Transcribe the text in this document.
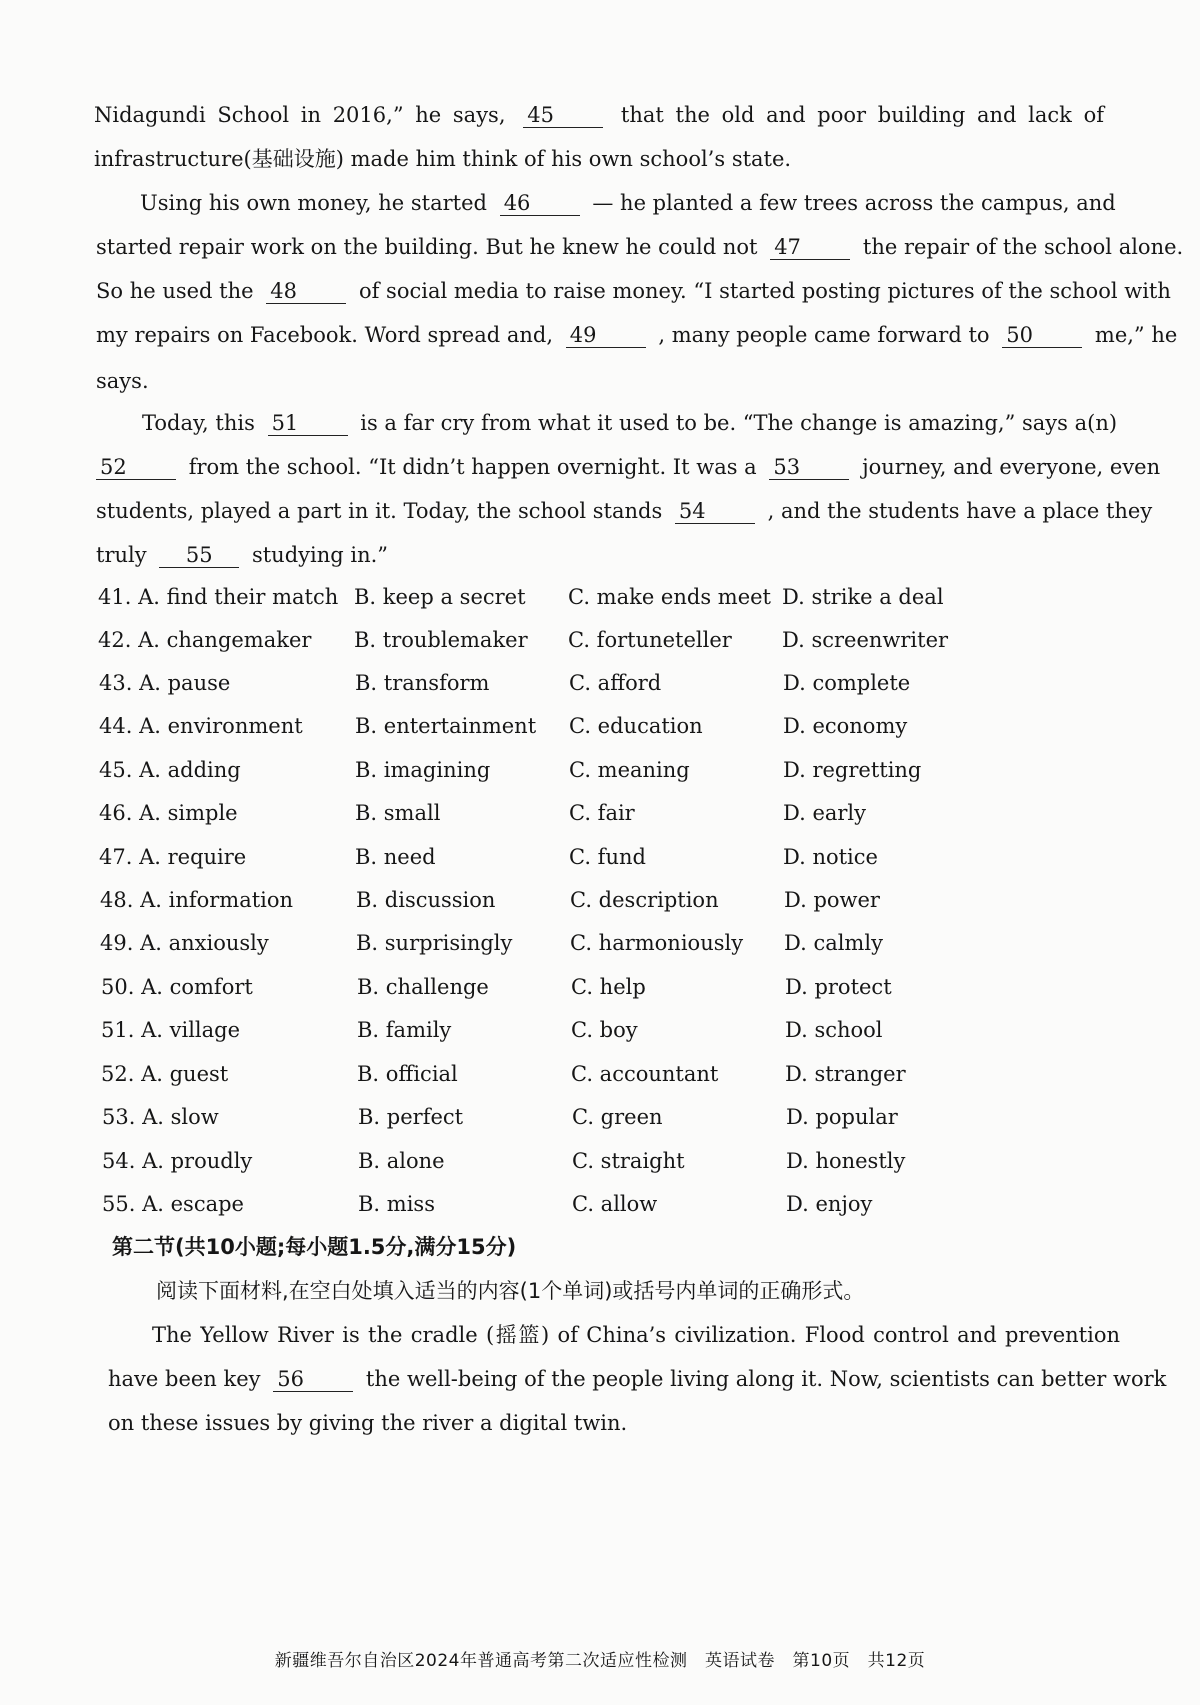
Nidagundi School in 2016,” he says, 45	that the old and poor building and lack of
infrastructure(基础设施) made him think of his own school’s state.
Using his own money, he started 46	— he planted a few trees across the campus, and
started repair work on the building. But he knew he could not 47	the repair of the school alone.
So he used the 48	of social media to raise money. “I started posting pictures of the school with
my repairs on Facebook. Word spread and, 49	, many people came forward to 50	me,” he
says.
Today, this 51	is a far cry from what it used to be. “The change is amazing,” says a(n)
52	from the school. “It didn’t happen overnight. It was a 53	journey, and everyone, even
students, played a part in it. Today, the school stands 54	, and the students have a place they
truly 55 studying in.”
41. A. find their match B. keep a secret C. make ends meet D. strike a deal
42. A. changemaker B. troublemaker C. fortuneteller D. screenwriter
43. A. pause	B. transform	C. afford	D. complete
44. A. environment B. entertainment C. education	D. economy
45. A. adding	B. imagining	C. meaning	D. regretting
46. A. simple	B. small	C. fair	D. early
47. A. require	B. need	C. fund	D. notice
48. A. information	B. discussion	C. description	D. power
49. A. anxiously	B. surprisingly	C. harmoniously D. calmly
50. A. comfort	B. challenge	C. help	D. protect
51. A. village	B. family	C. boy	D. school
52. A. guest	B. official	C. accountant	D. stranger
53. A. slow	B. perfect	C. green	D. popular
54. A. proudly	B. alone	C. straight	D. honestly
55. A. escape	B. miss	C. allow	D. enjoy
第二节(共10小题;每小题1.5分,满分15分)
阅读下面材料,在空白处填入适当的内容(1个单词)或括号内单词的正确形式。
The Yellow River is the cradle (摇篮) of China’s civilization. Flood control and prevention
have been key 56	the well-being of the people living along it. Now, scientists can better work
on these issues by giving the river a digital twin.
新疆维吾尔自治区2024年普通高考第二次适应性检测　英语试卷　第10页　共12页
